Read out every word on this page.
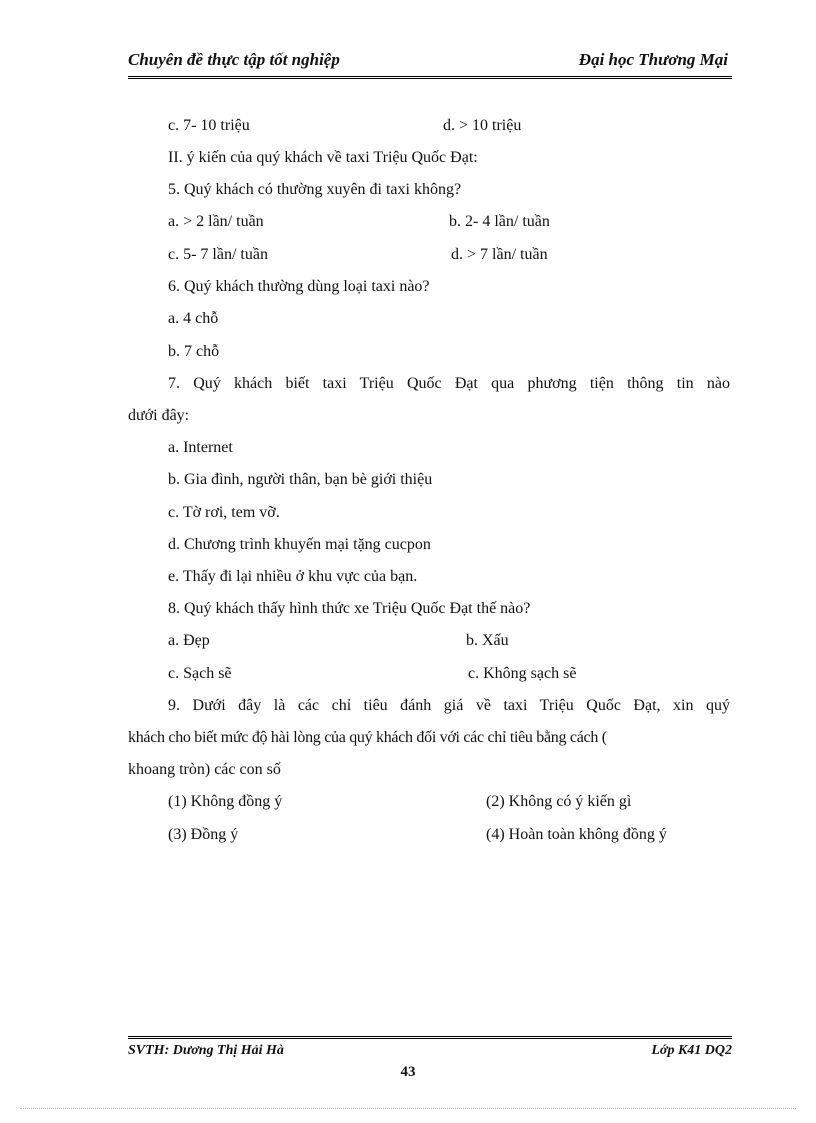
Chuyên đề thực tập tốt nghiệp	Đại học Thương Mại
c. 7- 10 triệu	d. > 10 triệu
II. ý kiến của quý khách về taxi Triệu Quốc Đạt:
5. Quý khách có thường xuyên đi taxi không?
a. > 2 lần/ tuần	b. 2- 4 lần/ tuần
c. 5- 7 lần/ tuần	d. > 7 lần/ tuần
6. Quý khách thường dùng loại taxi nào?
a. 4 chỗ
b. 7 chỗ
7. Quý khách biết taxi Triệu Quốc Đạt qua phương tiện thông tin nào
dưới đây:
a. Internet
b. Gia đình, người thân, bạn bè giới thiệu
c. Tờ rơi, tem vỡ.
d. Chương trình khuyến mại tặng cucpon
e. Thấy đi lại nhiều ở khu vực của bạn.
8. Quý khách thấy hình thức xe Triệu Quốc Đạt thế nào?
a. Đẹp	b. Xấu
c. Sạch sẽ	c. Không sạch sẽ
9. Dưới đây là các chỉ tiêu đánh giá về taxi Triệu Quốc Đạt, xin quý
khách cho biết mức độ hài lòng của quý khách đối với các chỉ tiêu bằng cách (
khoang tròn) các con số
(1) Không đồng ý	(2) Không có ý kiến gì
(3) Đồng ý	(4) Hoàn toàn không đồng ý
SVTH: Dương Thị Hải Hà	Lớp K41 DQ2
43
